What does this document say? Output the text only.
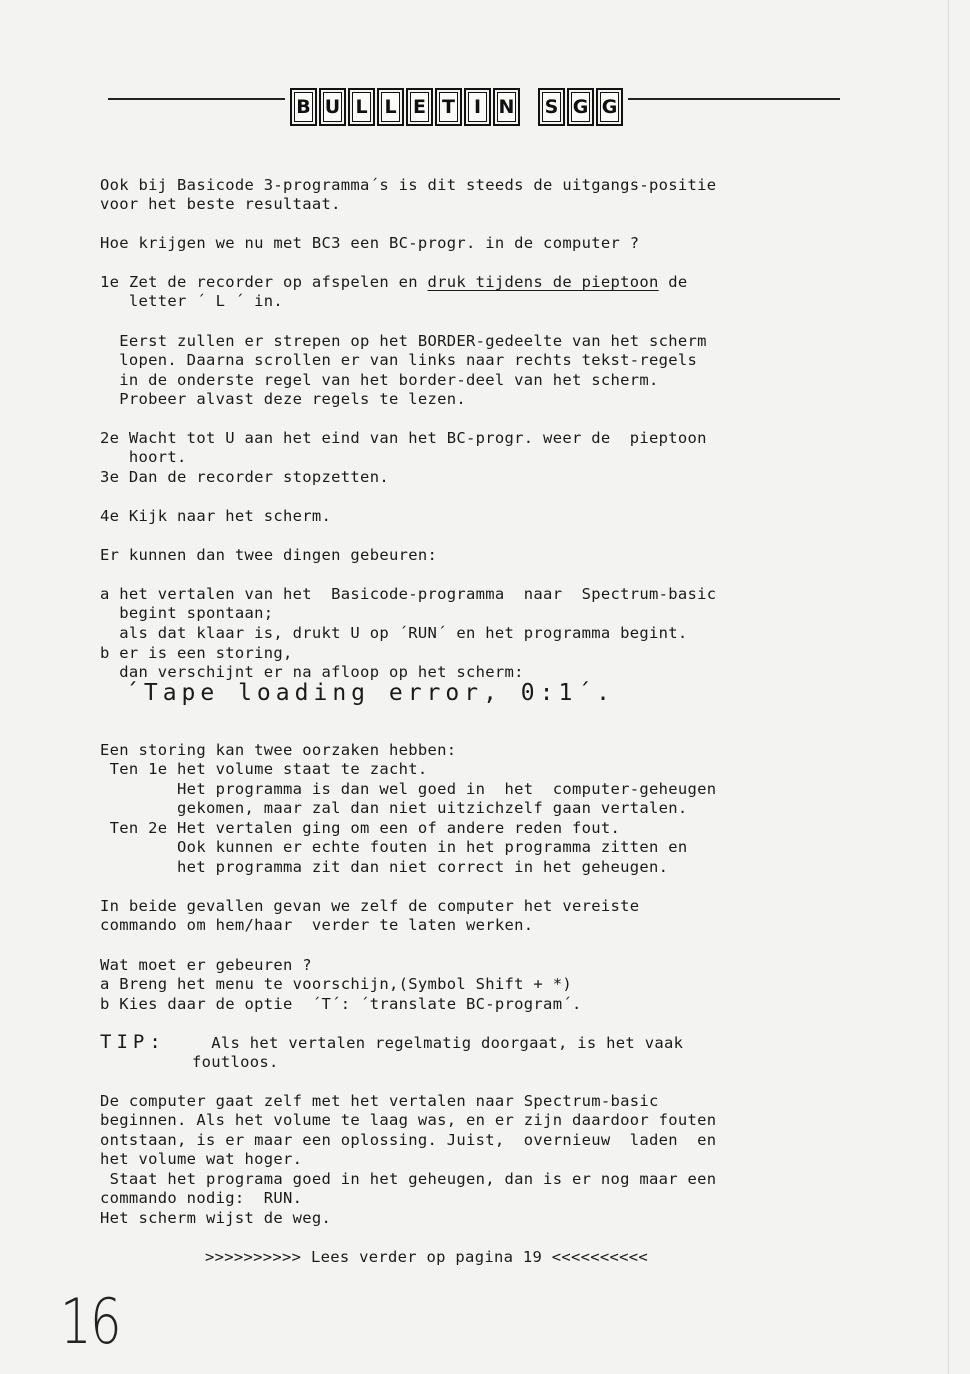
B U L L E T I N	S G G
Ook bij Basicode 3-programma´s is dit steeds de uitgangs-positie
voor het beste resultaat.
Hoe krijgen we nu met BC3 een BC-progr. in de computer ?
1e Zet de recorder op afspelen en druk tijdens de pieptoon de
letter ´ L ´ in.
Eerst zullen er strepen op het BORDER-gedeelte van het scherm
lopen. Daarna scrollen er van links naar rechts tekst-regels
in de onderste regel van het border-deel van het scherm.
Probeer alvast deze regels te lezen.
2e Wacht tot U aan het eind van het BC-progr. weer de  pieptoon
hoort.
3e Dan de recorder stopzetten.
4e Kijk naar het scherm.
Er kunnen dan twee dingen gebeuren:
a het vertalen van het  Basicode-programma  naar  Spectrum-basic
begint spontaan;
als dat klaar is, drukt U op ´RUN´ en het programma begint.
b er is een storing,
dan verschijnt er na afloop op het scherm:
´Tape loading error, 0:1´.
Een storing kan twee oorzaken hebben:
Ten 1e het volume staat te zacht.
Het programma is dan wel goed in  het  computer-geheugen
gekomen, maar zal dan niet uitzichzelf gaan vertalen.
Ten 2e Het vertalen ging om een of andere reden fout.
Ook kunnen er echte fouten in het programma zitten en
het programma zit dan niet correct in het geheugen.
In beide gevallen gevan we zelf de computer het vereiste
commando om hem/haar  verder te laten werken.
Wat moet er gebeuren ?
a Breng het menu te voorschijn,(Symbol Shift + *)
b Kies daar de optie  ´T´: ´translate BC-program´.
TIP: Als het vertalen regelmatig doorgaat, is het vaak
foutloos.
De computer gaat zelf met het vertalen naar Spectrum-basic
beginnen. Als het volume te laag was, en er zijn daardoor fouten
ontstaan, is er maar een oplossing. Juist,  overnieuw  laden  en
het volume wat hoger.
Staat het programa goed in het geheugen, dan is er nog maar een
commando nodig:  RUN.
Het scherm wijst de weg.
>>>>>>>>>> Lees verder op pagina 19 <<<<<<<<<<
16
